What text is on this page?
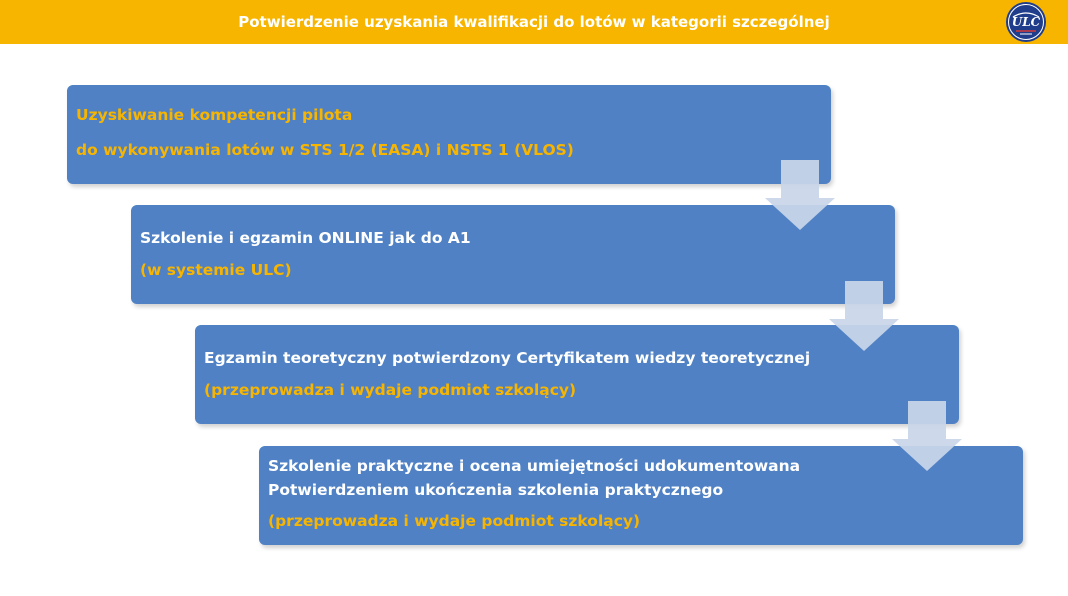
Potwierdzenie uzyskania kwalifikacji do lotów w kategorii szczególnej	ULC
Uzyskiwanie kompetencji pilota
do wykonywania lotów w STS 1/2 (EASA) i NSTS 1 (VLOS)
Szkolenie i egzamin ONLINE jak do A1
(w systemie ULC)
Egzamin teoretyczny potwierdzony Certyfikatem wiedzy teoretycznej
(przeprowadza i wydaje podmiot szkolący)
Szkolenie praktyczne i ocena umiejętności udokumentowana
Potwierdzeniem ukończenia szkolenia praktycznego
(przeprowadza i wydaje podmiot szkolący)
